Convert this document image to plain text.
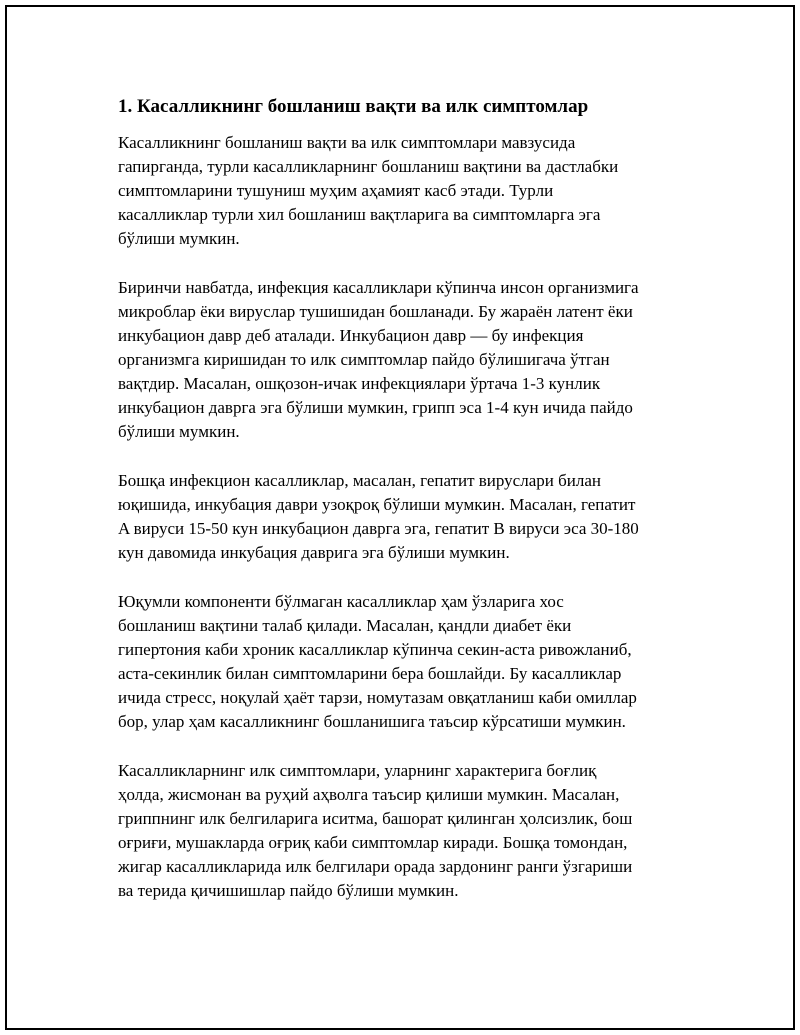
1. Касалликнинг бошланиш вақти ва илк симптомлар
Касалликнинг бошланиш вақти ва илк симптомлари мавзусида
гапирганда, турли касалликларнинг бошланиш вақтини ва дастлабки
симптомларини тушуниш муҳим аҳамият касб этади. Турли
касалликлар турли хил бошланиш вақтларига ва симптомларга эга
бўлиши мумкин.
Биринчи навбатда, инфекция касалликлари кўпинча инсон организмига
микроблар ёки вируслар тушишидан бошланади. Бу жараён латент ёки
инкубацион давр деб аталади. Инкубацион давр — бу инфекция
организмга киришидан то илк симптомлар пайдо бўлишигача ўтган
вақтдир. Масалан, ошқозон-ичак инфекциялари ўртача 1-3 кунлик
инкубацион даврга эга бўлиши мумкин, грипп эса 1-4 кун ичида пайдо
бўлиши мумкин.
Бошқа инфекцион касалликлар, масалан, гепатит вируслари билан
юқишида, инкубация даври узоқроқ бўлиши мумкин. Масалан, гепатит
A вируси 15-50 кун инкубацион даврга эга, гепатит B вируси эса 30-180
кун давомида инкубация даврига эга бўлиши мумкин.
Юқумли компоненти бўлмаган касалликлар ҳам ўзларига хос
бошланиш вақтини талаб қилади. Масалан, қандли диабет ёки
гипертония каби хроник касалликлар кўпинча секин-аста ривожланиб,
аста-секинлик билан симптомларини бера бошлайди. Бу касалликлар
ичида стресс, ноқулай ҳаёт тарзи, номутазам овқатланиш каби омиллар
бор, улар ҳам касалликнинг бошланишига таъсир кўрсатиши мумкин.
Касалликларнинг илк симптомлари, уларнинг характерига боғлиқ
ҳолда, жисмонан ва руҳий аҳволга таъсир қилиши мумкин. Масалан,
гриппнинг илк белгиларига иситма, башорат қилинган ҳолсизлик, бош
оғриғи, мушакларда оғриқ каби симптомлар киради. Бошқа томондан,
жигар касалликларида илк белгилари орада зардонинг ранги ўзгариши
ва терида қичишишлар пайдо бўлиши мумкин.
